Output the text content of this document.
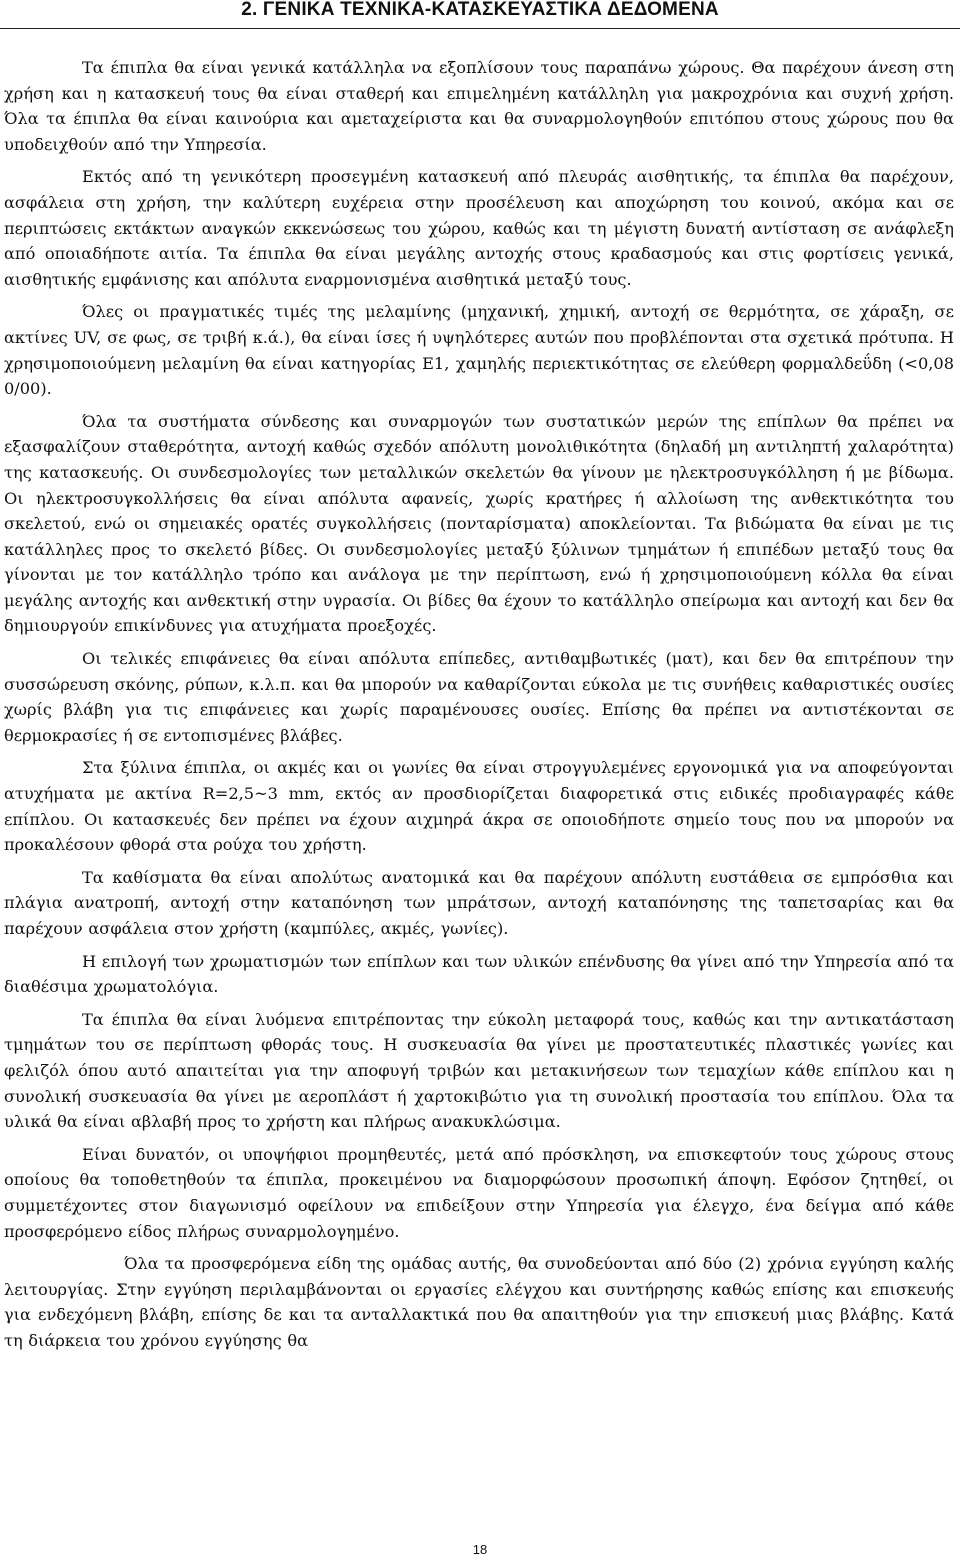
2. ΓΕΝΙΚΑ ΤΕΧΝΙΚΑ-ΚΑΤΑΣΚΕΥΑΣΤΙΚΑ ΔΕΔΟΜΕΝΑ

Τα έπιπλα θα είναι γενικά κατάλληλα να εξοπλίσουν τους παραπάνω χώρους. Θα παρέχουν άνεση στη χρήση και η κατασκευή τους θα είναι σταθερή και επιμελημένη κατάλληλη για μακροχρόνια και συχνή χρήση. Όλα τα έπιπλα θα είναι καινούρια και αμεταχείριστα και θα συναρμολογηθούν επιτόπου στους χώρους που θα υποδειχθούν από την Υπηρεσία.

Εκτός από τη γενικότερη προσεγμένη κατασκευή από πλευράς αισθητικής, τα έπιπλα θα παρέχουν, ασφάλεια στη χρήση, την καλύτερη ευχέρεια στην προσέλευση και αποχώρηση του κοινού, ακόμα και σε περιπτώσεις εκτάκτων αναγκών εκκενώσεως του χώρου, καθώς και τη μέγιστη δυνατή αντίσταση σε ανάφλεξη από οποιαδήποτε αιτία. Τα έπιπλα θα είναι μεγάλης αντοχής στους κραδασμούς και στις φορτίσεις γενικά, αισθητικής εμφάνισης και απόλυτα εναρμονισμένα αισθητικά μεταξύ τους.

Όλες οι πραγματικές τιμές της μελαμίνης (μηχανική, χημική, αντοχή σε θερμότητα, σε χάραξη, σε ακτίνες UV, σε φως, σε τριβή κ.ά.), θα είναι ίσες ή υψηλότερες αυτών που προβλέπονται στα σχετικά πρότυπα. Η χρησιμοποιούμενη μελαμίνη θα είναι κατηγορίας Ε1, χαμηλής περιεκτικότητας σε ελεύθερη φορμαλδεΰδη (<0,08 0/00).

Όλα τα συστήματα σύνδεσης και συναρμογών των συστατικών μερών της επίπλων θα πρέπει να εξασφαλίζουν σταθερότητα, αντοχή καθώς σχεδόν απόλυτη μονολιθικότητα (δηλαδή μη αντιληπτή χαλαρότητα) της κατασκευής. Οι συνδεσμολογίες των μεταλλικών σκελετών θα γίνουν με ηλεκτροσυγκόλληση ή με βίδωμα. Οι ηλεκτροσυγκολλήσεις θα είναι απόλυτα αφανείς, χωρίς κρατήρες ή αλλοίωση της ανθεκτικότητα του σκελετού, ενώ οι σημειακές ορατές συγκολλήσεις (πονταρίσματα) αποκλείονται. Τα βιδώματα θα είναι με τις κατάλληλες προς το σκελετό βίδες. Οι συνδεσμολογίες μεταξύ ξύλινων τμημάτων ή επιπέδων μεταξύ τους θα γίνονται με τον κατάλληλο τρόπο και ανάλογα με την περίπτωση, ενώ ή χρησιμοποιούμενη κόλλα θα είναι μεγάλης αντοχής και ανθεκτική στην υγρασία. Οι βίδες θα έχουν το κατάλληλο σπείρωμα και αντοχή και δεν θα δημιουργούν επικίνδυνες για ατυχήματα προεξοχές.

Οι τελικές επιφάνειες θα είναι απόλυτα επίπεδες, αντιθαμβωτικές (ματ), και δεν θα επιτρέπουν την συσσώρευση σκόνης, ρύπων, κ.λ.π. και θα μπορούν να καθαρίζονται εύκολα με τις συνήθεις καθαριστικές ουσίες χωρίς βλάβη για τις επιφάνειες και χωρίς παραμένουσες ουσίες. Επίσης θα πρέπει να αντιστέκονται σε θερμοκρασίες ή σε εντοπισμένες βλάβες.

Στα ξύλινα έπιπλα, οι ακμές και οι γωνίες θα είναι στρογγυλεμένες εργονομικά για να αποφεύγονται ατυχήματα με ακτίνα R=2,5~3 mm, εκτός αν προσδιορίζεται διαφορετικά στις ειδικές προδιαγραφές κάθε επίπλου. Οι κατασκευές δεν πρέπει να έχουν αιχμηρά άκρα σε οποιοδήποτε σημείο τους που να μπορούν να προκαλέσουν φθορά στα ρούχα του χρήστη.

Τα καθίσματα θα είναι απολύτως ανατομικά και θα παρέχουν απόλυτη ευστάθεια σε εμπρόσθια και πλάγια ανατροπή, αντοχή στην καταπόνηση των μπράτσων, αντοχή καταπόνησης της ταπετσαρίας και θα παρέχουν ασφάλεια στον χρήστη (καμπύλες, ακμές, γωνίες).

Η επιλογή των χρωματισμών των επίπλων και των υλικών επένδυσης θα γίνει από την Υπηρεσία από τα διαθέσιμα χρωματολόγια.

Τα έπιπλα θα είναι λυόμενα επιτρέποντας την εύκολη μεταφορά τους, καθώς και την αντικατάσταση τμημάτων του σε περίπτωση φθοράς τους. Η συσκευασία θα γίνει με προστατευτικές πλαστικές γωνίες και φελιζόλ όπου αυτό απαιτείται για την αποφυγή τριβών και μετακινήσεων των τεμαχίων κάθε επίπλου και η συνολική συσκευασία θα γίνει με αεροπλάστ ή χαρτοκιβώτιο για τη συνολική προστασία του επίπλου. Όλα τα υλικά θα είναι αβλαβή προς το χρήστη και πλήρως ανακυκλώσιμα.

Είναι δυνατόν, οι υποψήφιοι προμηθευτές, μετά από πρόσκληση, να επισκεφτούν τους χώρους στους οποίους θα τοποθετηθούν τα έπιπλα, προκειμένου να διαμορφώσουν προσωπική άποψη. Εφόσον ζητηθεί, οι συμμετέχοντες στον διαγωνισμό οφείλουν να επιδείξουν στην Υπηρεσία για έλεγχο, ένα δείγμα από κάθε προσφερόμενο είδος πλήρως συναρμολογημένο.

Όλα τα προσφερόμενα είδη της ομάδας αυτής, θα συνοδεύονται από δύο (2) χρόνια εγγύηση καλής λειτουργίας. Στην εγγύηση περιλαμβάνονται οι εργασίες ελέγχου και συντήρησης καθώς επίσης και επισκευής για ενδεχόμενη βλάβη, επίσης δε και τα ανταλλακτικά που θα απαιτηθούν για την επισκευή μιας βλάβης. Κατά τη διάρκεια του χρόνου εγγύησης θα

18
